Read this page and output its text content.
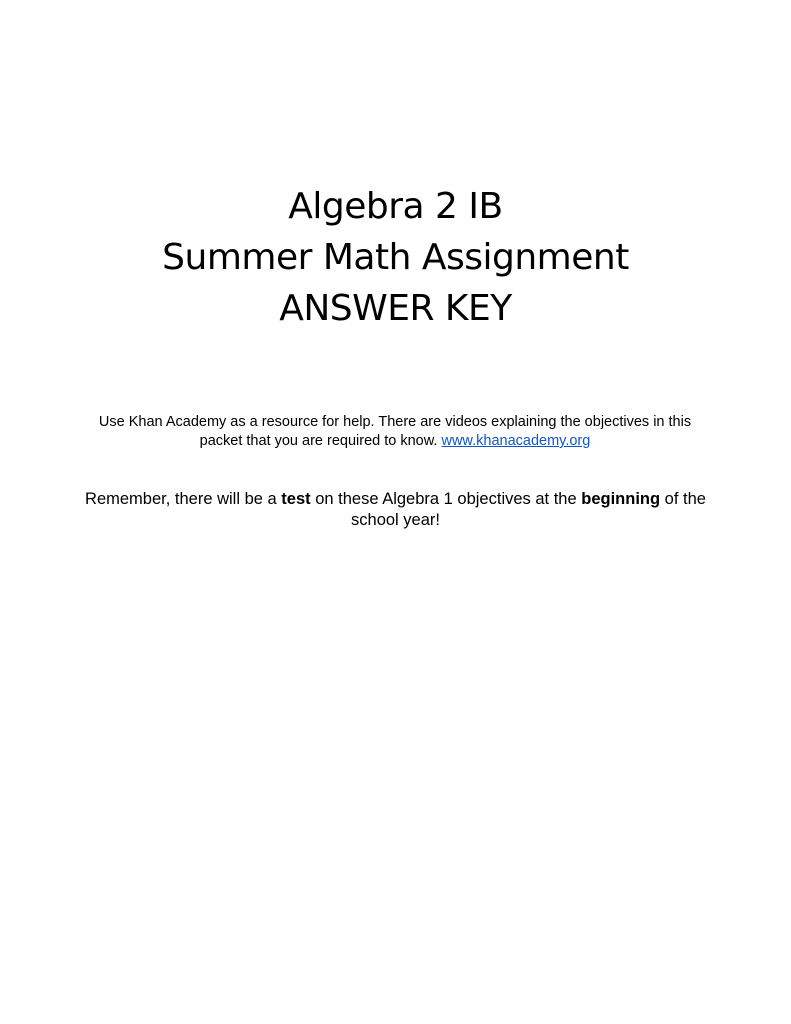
Algebra 2 IB
Summer Math Assignment
ANSWER KEY
Use Khan Academy as a resource for help. There are videos explaining the objectives in this packet that you are required to know. www.khanacademy.org
Remember, there will be a test on these Algebra 1 objectives at the beginning of the school year!
